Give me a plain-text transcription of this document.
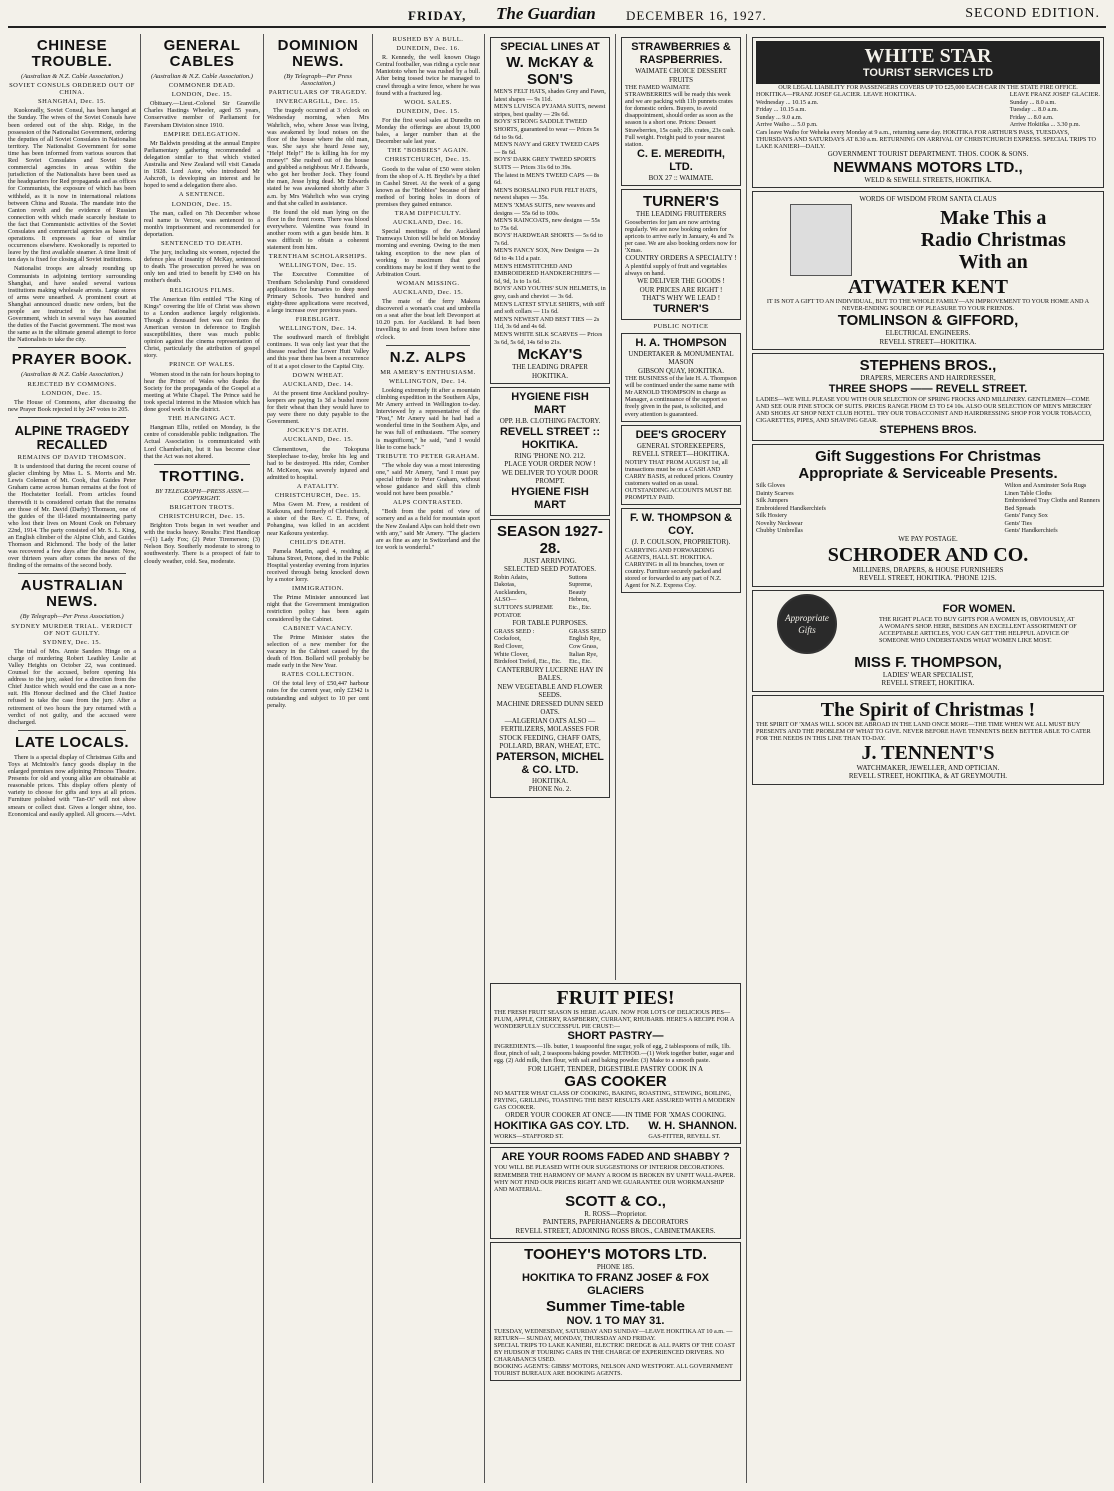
FRIDAY, The Guardian DECEMBER 16, 1927.	SECOND EDITION.
CHINESE TROUBLE.
(Australian & N.Z. Cable Association.)
SOVIET CONSULS ORDERED OUT OF CHINA.
SHANGHAI, Dec. 15.

Kuokoradly, Soviet Consul, has been hanged at the Sunday. The wives of the Soviet Consuls have been ordered out of the ship. Ridge, in the possession of the Nationalist Government, ordering the deputies of all Soviet Consulates in Nationalist territory. The Nationalist Government for some time has been informed from various sources that Red Soviet Consulates and Soviet State commercial agencies in areas within the jurisdiction of the Nationalists have been used as the headquarters for Red propaganda and as offices for Communists, the exposure of which has been withheld, as it is now in international relations between China and Russia. The mandate into the Canton revolt and the evidence of Russian connection with which made scarcely hesitate to the fact that Communistic activities of the Soviet Consulates and commercial agencies as bases for operations. It expresses a fear of similar occurrences elsewhere. Kwokoradly is reported to leave by the first available steamer. A time limit of ten days is fixed for closing all Soviet institutions.

Nationalist troops are already rounding up Communists in adjoining territory surrounding Shanghai, and have sealed several various institutions making wholesale arrests. Large stores of arms were unearthed. A prominent court at Shanghai announced drastic new orders, but the people are instructed to the Nationalist Government, which in several ways has assumed the duties of the Fascist government. The most was the same as in the ultimate general attempt to force the Nationalists to take the city.

PRAYER BOOK.
(Australian & N.Z. Cable Association.)
REJECTED BY COMMONS.
LONDON, Dec. 15.

The House of Commons, after discussing the new Prayer Book rejected it by 247 votes to 205.

ALPINE TRAGEDY RECALLED
REMAINS OF DAVID THOMSON.

It is understood that during the recent course of glacier climbing by Miss L. S. Morris and Mr. Lewis Coleman of Mt. Cook, that Guides Peter Graham came across human remains at the foot of the Hochstetter Icefall. From articles found therewith it is considered certain that the remains are those of Mr. David (Darby) Thomson, one of the guides of the ill-fated mountaineering party who lost their lives on Mount Cook on February 22nd, 1914. The party consisted of Mr. S. L. King, an English climber of the Alpine Club, and Guides Thomson and Richmond. The body of the latter was recovered a few days after the disaster. Now, over thirteen years after comes the news of the finding of the remains of the second body.

AUSTRALIAN NEWS.
(By Telegraph—Per Press Association.)
SYDNEY MURDER TRIAL. VERDICT OF NOT GUILTY.
SYDNEY, Dec. 15.

The trial of Mrs. Annie Sanders Hinge on a charge of murdering Robert Leathley Leslie at Valley Heights on October 22, was continued. Counsel for the accused, before opening his address to the jury, asked for a direction from the Chief Justice which would end the case as a non-suit. His Honour declined and the Chief Justice refused to take the case from the jury. After a retirement of two hours the jury returned with a verdict of not guilty, and the accused were discharged.

LATE LOCALS.

There is a special display of Christmas Gifts and Toys at McIntosh's fancy goods display in the enlarged premises now adjoining Princess Theatre. Presents for old and young alike are obtainable at reasonable prices. This display offers plenty of variety to choose for gifts and toys at all prices. Furniture polished with "Tan-Oi" will not show smears or collect dust. Gives a longer shine, too. Economical and easily applied. All grocers.—Advt.

GENERAL CABLES
(Australian & N.Z. Cable Association.)
COMMONER DEAD.
LONDON, Dec. 15.

Obituary.—Lieut.-Colonel Sir Granville Charles Hastings Wheeler, aged 55 years, Conservative member of Parliament for Faversham Division since 1910.

EMPIRE DELEGATION.

Mr Baldwin presiding at the annual Empire Parliamentary gathering recommended a delegation similar to that which visited Australia and New Zealand will visit Canada in 1928. Lord Astor, who introduced Mr Ashcroft, is developing an interest and he hoped to send a delegation there also.

A SENTENCE.
LONDON, Dec. 15.

The man, called on 7th December whose real name is Vercoe, was sentenced to a month's imprisonment and recommended for deportation.

SENTENCED TO DEATH.

The jury, including six women, rejected the defence plea of insanity of McKay, sentenced to death. The prosecution proved he was on only ten and tried to benefit by £340 on his mother's death.

RELIGIOUS FILMS.

The American film entitled "The King of Kings" covering the life of Christ was shown to a London audience largely religionists. Though a thousand feet was cut from the American version in deference to English susceptibilities, there was much public opinion against the cinema representation of Christ, particularly the attribution of gospel story.

PRINCE OF WALES.

Women stood in the rain for hours hoping to hear the Prince of Wales who thanks the Society for the propaganda of the Gospel at a meeting at White Chapel. The Prince said he took special interest in the Mission which has done good work in the district.

THE HANGING ACT.

Hangman Ellis, retiled on Monday, is the centre of considerable public indignation. The Actual Association is communicated with Lord Chamberlain, but it has become clear that the Act was not altered.

TROTTING.
BY TELEGRAPH—PRESS ASSN.—COPYRIGHT.
BRIGHTON TROTS.
CHRISTCHURCH, Dec. 15.

Brighton Trots began in wet weather and with the tracks heavy. Results: First Handicap—(1) Lady Fox; (2) Peter Tiremerson; (3) Nelson Boy. Southerly moderate to strong to southwesterly. There is a prospect of fair to cloudy weather, cold. Sea, moderate.

DOMINION NEWS.
(By Telegraph—Per Press Association.)
PARTICULARS OF TRAGEDY.
INVERCARGILL, Dec. 15.

The tragedy occurred at 3 o'clock on Wednesday morning, when Mrs Wahrlich, who, where Jesse was living, was awakened by loud noises on the floor of the house where the old man, was. She says she heard Jesse say, "Help! Help!" He is killing his for my money!" She rushed out of the house and grabbed a neighbour. Mr J. Edwards, who got her brother Jock. They found the man, Jesse lying dead. Mr Edwards stated he was awakened shortly after 3 a.m. by Mrs Wahrlich who was crying and that she called in assistance.

He found the old man lying on the floor in the front room. There was blood everywhere. Valentine was found in another room with a gun beside him. It was difficult to obtain a coherent statement from him.

TRENTHAM SCHOLARSHIPS.
WELLINGTON, Dec. 15.

The Executive Committee of Trentham Scholarship Fund considered applications for bursaries to deep need Primary Schools. Two hundred and eighty-three applications were received, a large increase over previous years.

FIREBLIGHT.
WELLINGTON, Dec. 14.

The southward march of fireblight continues. It was only last year that the disease reached the Lower Hutt Valley and this year there has been a recurrence of it at a spot closer to the Capital City.

DOWN WHEAT.
AUCKLAND, Dec. 14.

At the present time Auckland poultry-keepers are paying 1s 3d a bushel more for their wheat than they would have to pay were there no duty payable to the Government.

JOCKEY'S DEATH.
AUCKLAND, Dec. 15.

Clementtown, the Tokopuna Steeplechase to-day, broke his leg and had to be destroyed. His rider, Comber M. McKeon, was severely injured and admitted to hospital.

A FATALITY.
CHRISTCHURCH, Dec. 15.

Miss Gwen M. Frew, a resident of Kaikoura, and formerly of Christchurch, a sister of the Rev. C. E. Frew, of Pohangina, was killed in an accident near Kaikoura yesterday.

CHILD'S DEATH.

Pamela Martin, aged 4, residing at Tahuna Street, Petone, died in the Public Hospital yesterday evening from injuries received through being knocked down by a motor lorry.

IMMIGRATION.

The Prime Minister announced last night that the Government immigration restriction policy has been again considered by the Cabinet.

CABINET VACANCY.

The Prime Minister states the selection of a new member for the vacancy in the Cabinet caused by the death of Hon. Bollard will probably be made early in the New Year.

RATES COLLECTION.

Of the total levy of £50,447 harbour rates for the current year, only £2342 is outstanding and subject to 10 per cent penalty.

RUSHED BY A BULL.
DUNEDIN, Dec. 16.

R. Kennedy, the well known Otago Central footballer, was riding a cycle near Maniototo when he was rushed by a bull. After being tossed twice he managed to crawl through a wire fence, where he was found with a fractured leg.

WOOL SALES.
DUNEDIN, Dec. 15.

For the first wool sales at Dunedin on Monday the offerings are about 19,000 bales, a larger number than at the December sale last year.

THE "BOBBIES" AGAIN.
CHRISTCHURCH, Dec. 15.

Goods to the value of £50 were stolen from the shop of A. H. Brydie's by a thief in Cashel Street. At the week of a gang known as the "Bobbies" because of their method of boring holes in doors of premises they gained entrance.

TRAM DIFFICULTY.
AUCKLAND, Dec. 16.

Special meetings of the Auckland Tramways Union will be held on Monday morning and evening. Owing to the men taking exception to the new plan of working to maximum that good conditions may be lost if they went to the Arbitration Court.

WOMAN MISSING.
AUCKLAND, Dec. 15.

The mate of the ferry Makora discovered a woman's coat and umbrella on a seat after the boat left Devonport at 10.20 p.m. for Auckland. It had been travelling to and from town before nine o'clock.

N.Z. ALPS
MR AMERY'S ENTHUSIASM.
WELLINGTON, Dec. 14.

Looking extremely fit after a mountain climbing expedition in the Southern Alps, Mr Amery arrived in Wellington to-day. Interviewed by a representative of the "Post," Mr Amery said he had had a wonderful time in the Southern Alps, and he was full of enthusiasm. "The scenery is magnificent," he said, "and I would like to come back."

TRIBUTE TO PETER GRAHAM.

"The whole day was a most interesting one," said Mr Amery, "and I must pay special tribute to Peter Graham, without whose guidance and skill this climb would not have been possible."

ALPS CONTRASTED.

"Both from the point of view of scenery and as a field for mountain sport the New Zealand Alps can hold their own with any," said Mr Amery. "The glaciers are as fine as any in Switzerland and the ice work is wonderful."

SPECIAL LINES AT
W. McKAY & SON'S
MEN'S FELT HATS, shades Grey and Fawn, latest shapes — 9s 11d.
MEN'S LUVISCA PYJAMA SUITS, newest stripes, best quality — 29s 6d.
BOYS' STRONG SADDLE TWEED SHORTS, guaranteed to wear — Prices 5s 6d to 9s 6d.
MEN'S NAVY and GREY TWEED CAPS — 8s 6d.
BOYS' DARK GREY TWEED SPORTS SUITS — Prices 31s 6d to 39s.
The latest in MEN'S TWEED CAPS — 8s 6d.
MEN'S BORSALINO FUR FELT HATS, newest shapes — 35s.
MEN'S 'XMAS SUITS, new weaves and designs — 55s 6d to 100s.
MEN'S RAINCOATS, new designs — 55s to 75s 6d.
BOYS' HARDWEAR SHORTS — 5s 6d to 7s 6d.
MEN'S FANCY SOX, New Designs — 2s 6d to 4s 11d a pair.
MEN'S HEMSTITCHED AND EMBROIDERED HANDKERCHIEFS — 6d, 9d, 1s to 1s 6d.
BOYS' AND YOUTHS' SUN HELMETS, in grey, cash and cheviot — 3s 6d.
MEN'S LATEST STYLE SHIRTS, with stiff and soft collars — 11s 6d.
MEN'S NEWEST AND BEST TIES — 2s 11d, 3s 6d and 4s 6d.
MEN'S WHITE SILK SCARVES — Prices 3s 6d, 5s 6d, 14s 6d to 21s.
McKAY'S
THE LEADING DRAPER HOKITIKA.
HYGIENE FISH MART
OPP. H.B. CLOTHING FACTORY.
REVELL STREET :: HOKITIKA.
RING 'PHONE NO. 212.
PLACE YOUR ORDER NOW !
WE DELIVER TO YOUR DOOR PROMPT.
HYGIENE FISH MART
SEASON 1927-28.
JUST ARRIVING.
SELECTED SEED POTATOES.
Robin Adairs,
Dakotas,
Aucklanders,
ALSO—
SUTTON'S SUPREME POTATOE
Suttons Supreme,
Beauty Hebron,
Etc., Etc.
FOR TABLE PURPOSES.
GRASS SEED :
Cocksfoot,
Red Clover,
White Clover,
Birdsfoot Trefoil, Etc., Etc.
GRASS SEED
English Rye,
Cow Grass,
Italian Rye,
Etc., Etc.
CANTERBURY LUCERNE HAY IN BALES.
NEW VEGETABLE AND FLOWER SEEDS.
MACHINE DRESSED DUNN SEED OATS.
—ALGERIAN OATS ALSO — FERTILIZERS, MOLASSES FOR STOCK FEEDING, CHAFF OATS, POLLARD, BRAN, WHEAT, ETC.
PATERSON, MICHEL & CO. LTD.
HOKITIKA.
PHONE No. 2.
STRAWBERRIES & RASPBERRIES.
WAIMATE CHOICE DESSERT FRUITS
THE FAMED WAIMATE STRAWBERRIES will be ready this week and we are packing with 11b punnets crates for domestic orders. Buyers, to avoid disappointment, should order as soon as the season is a short one. Prices: Dessert Strawberries, 15s cash; 2lb. crates, 23s cash. Full weight. Freight paid to your nearest station.
C. E. MEREDITH, LTD.
BOX 27 :: WAIMATE.
TURNER'S
THE LEADING FRUITERERS
Gooseberries for jam are now arriving regularly. We are now booking orders for apricots to arrive early in January, 4s and 7s per case. We are also booking orders now for 'Xmas.
COUNTRY ORDERS A SPECIALTY !
A plentiful supply of fruit and vegetables always on hand.
WE DELIVER THE GOODS !
OUR PRICES ARE RIGHT !
THAT'S WHY WE LEAD !
TURNER'S
PUBLIC NOTICE
H. A. THOMPSON
UNDERTAKER & MONUMENTAL MASON
GIBSON QUAY, HOKITIKA.
THE BUSINESS of the late H. A. Thompson will be continued under the same name with Mr ARNOLD THOMPSON in charge as Manager, a continuance of the support so freely given in the past, is solicited, and every attention is guaranteed.
DEE'S GROCERY
GENERAL STOREKEEPERS, REVELL STREET—HOKITIKA.
NOTIFY THAT FROM AUGUST 1st, all transactions must be on a CASH AND CARRY BASIS, at reduced prices. Country customers waited on as usual. OUTSTANDING ACCOUNTS MUST BE PROMPTLY PAID.
F. W. THOMPSON & COY.
(J. P. COULSON, PROPRIETOR).
CARRYING AND FORWARDING AGENTS, HALL ST. HOKITIKA. CARRYING in all its branches, town or country. Furniture securely packed and stored or forwarded to any part of N.Z. Agent for N.Z. Express Coy.
FRUIT PIES!
THE FRESH FRUIT SEASON IS HERE AGAIN. NOW FOR LOTS OF DELICIOUS PIES—PLUM, APPLE, CHERRY, RASPBERRY, CURRANT, RHUBARB. HERE'S A RECIPE FOR A WONDERFULLY SUCCESSFUL PIE CRUST:—
SHORT PASTRY—
INGREDIENTS.—1lb. butter, 1 teaspoonful fine sugar, yolk of egg, 2 tablespoons of milk, 1lb. flour, pinch of salt, 2 teaspoons baking powder. METHOD.—(1) Work together butter, sugar and egg. (2) Add milk, then flour, with salt and baking powder. (3) Make to a smooth paste.
FOR LIGHT, TENDER, DIGESTIBLE PASTRY COOK IN A
GAS COOKER
NO MATTER WHAT CLASS OF COOKING, BAKING, ROASTING, STEWING, BOILING, FRYING, GRILLING, TOASTING THE BEST RESULTS ARE ASSURED WITH A MODERN GAS COOKER.
ORDER YOUR COOKER AT ONCE——IN TIME FOR 'XMAS COOKING.
HOKITIKA GAS COY. LTD.
WORKS—STAFFORD ST.
W. H. SHANNON.
GAS-FITTER, REVELL ST.
ARE YOUR ROOMS FADED AND SHABBY ?
YOU WILL BE PLEASED WITH OUR SUGGESTIONS OF INTERIOR DECORATIONS. REMEMBER THE HARMONY OF MANY A ROOM IS BROKEN BY UNFIT WALL-PAPER. WHY NOT FIND OUR PRICES RIGHT AND WE GUARANTEE OUR WORKMANSHIP AND MATERIAL.
SCOTT & CO.,
R. ROSS—Proprietor.
PAINTERS, PAPERHANGERS & DECORATORS
REVELL STREET, ADJOINING ROSS BROS., CABINETMAKERS.
TOOHEY'S MOTORS LTD.
PHONE 185.
HOKITIKA TO FRANZ JOSEF & FOX GLACIERS
Summer Time-table
NOV. 1 TO MAY 31.
TUESDAY, WEDNESDAY, SATURDAY AND SUNDAY—LEAVE HOKITIKA AT 10 a.m. —RETURN— SUNDAY, MONDAY, THURSDAY AND FRIDAY.
SPECIAL TRIPS TO LAKE KANIERI, ELECTRIC DREDGE & ALL PARTS OF THE COAST BY HUDSON 8' TOURING CARS IN THE CHARGE OF EXPERIENCED DRIVERS. NO CHARABANCS USED.
BOOKING AGENTS: GIBBS' MOTORS, NELSON AND WESTPORT. ALL GOVERNMENT TOURIST BUREAUX ARE BOOKING AGENTS.
WHITE STAR
TOURIST SERVICES LTD
OUR LEGAL LIABILITY FOR PASSENGERS COVERS UP TO £25,000 EACH CAR IN THE STATE FIRE OFFICE.
HOKITIKA—FRANZ JOSEF GLACIER. LEAVE HOKITIKA.
Wednesday ... 10.15 a.m.
Friday ... 10.15 a.m.
Sunday ... 9.0 a.m.
Arrive Waiho ... 5.0 p.m.
LEAVE FRANZ JOSEF GLACIER.
Sunday ... 8.0 a.m.
Tuesday ... 8.0 a.m.
Friday ... 8.0 a.m.
Arrive Hokitika ... 3.30 p.m.
Cars leave Waiho for Weheka every Monday at 9 a.m., returning same day. HOKITIKA FOR ARTHUR'S PASS, TUESDAYS, THURSDAYS AND SATURDAYS AT 8.30 a.m. RETURNING ON ARRIVAL OF CHRISTCHURCH EXPRESS. SPECIAL TRIPS TO LAKE KANIERI—DAILY.
GOVERNMENT TOURIST DEPARTMENT. THOS. COOK & SONS.
NEWMANS MOTORS LTD.,
WELD & SEWELL STREETS, HOKITIKA.
WORDS OF WISDOM FROM SANTA CLAUS
Make This a
Radio Christmas
With an
ATWATER KENT
IT IS NOT A GIFT TO AN INDIVIDUAL, BUT TO THE WHOLE FAMILY—AN IMPROVEMENT TO YOUR HOME AND A NEVER-ENDING SOURCE OF PLEASURE TO YOUR FRIENDS.
TOMLINSON & GIFFORD,
ELECTRICAL ENGINEERS.
REVELL STREET—HOKITIKA.
STEPHENS BROS.,
DRAPERS, MERCERS AND HAIRDRESSER,
THREE SHOPS —— REVELL STREET.
LADIES—WE WILL PLEASE YOU WITH OUR SELECTION OF SPRING FROCKS AND MILLINERY. GENTLEMEN—COME AND SEE OUR FINE STOCK OF SUITS. PRICES RANGE FROM £3 TO £4 10s. ALSO OUR SELECTION OF MEN'S MERCERY AND SHOES AT SHOP NEXT CLUB HOTEL. TRY OUR TOBACCONIST AND HAIRDRESSING SHOP FOR YOUR TOBACCO, CIGARETTES, PIPES, AND SHAVING GEAR.
STEPHENS BROS.
Gift Suggestions For Christmas
Appropriate & Serviceable Presents.
Silk Gloves
Dainty Scarves
Silk Jumpers
Embroidered Handkerchiefs
Silk Hosiery
Novelty Neckwear
Chubby Umbrellas
Wilton and Axminster Sofa Rugs
Linen Table Cloths
Embroidered Tray Cloths and Runners
Bed Spreads
Gents' Fancy Sox
Gents' Ties
Gents' Handkerchiefs
WE PAY POSTAGE.
SCHRODER AND CO.
MILLINERS, DRAPERS, & HOUSE FURNISHERS
REVELL STREET, HOKITIKA. 'PHONE 121S.
Appropriate Gifts
FOR WOMEN.
THE RIGHT PLACE TO BUY GIFTS FOR A WOMEN IS, OBVIOUSLY, AT A WOMAN'S SHOP. HERE, BESIDES AN EXCELLENT ASSORTMENT OF ACCEPTABLE ARTICLES, YOU CAN GET THE HELPFUL ADVICE OF SOMEONE WHO UNDERSTANDS WHAT WOMEN LIKE MOST.
MISS F. THOMPSON,
LADIES' WEAR SPECIALIST,
REVELL STREET, HOKITIKA.
The Spirit of Christmas !
THE SPIRIT OF 'XMAS WILL SOON BE ABROAD IN THE LAND ONCE MORE—THE TIME WHEN WE ALL MUST BUY PRESENTS AND THE PROBLEM OF WHAT TO GIVE. NEVER BEFORE HAVE TENNENTS BEEN BETTER ABLE TO CATER FOR THE NEEDS IN THIS LINE THAN TO-DAY.
J. TENNENT'S
WATCHMAKER, JEWELLER, AND OPTICIAN.
REVELL STREET, HOKITIKA, & AT GREYMOUTH.
